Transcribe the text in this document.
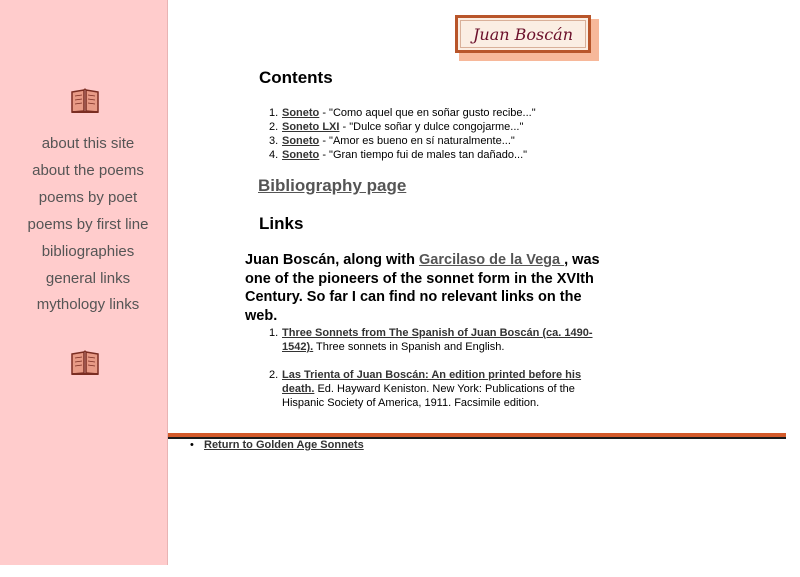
about this site
about the poems
poems by poet
poems by first line
bibliographies
general links
mythology links
Juan Boscán
Contents
1. Soneto - "Como aquel que en soñar gusto recibe..."
2. Soneto LXI - "Dulce soñar y dulce congojarme..."
3. Soneto - "Amor es bueno en sí naturalmente..."
4. Soneto - "Gran tiempo fui de males tan dañado..."
Bibliography page
Links
Juan Boscán, along with Garcilaso de la Vega , was one of the pioneers of the sonnet form in the XVIth Century. So far I can find no relevant links on the web.
1. Three Sonnets from The Spanish of Juan Boscán (ca. 1490-1542). Three sonnets in Spanish and English.
2. Las Trienta of Juan Boscán: An edition printed before his death. Ed. Hayward Keniston. New York: Publications of the Hispanic Society of America, 1911. Facsimile edition.
• Return to Golden Age Sonnets
